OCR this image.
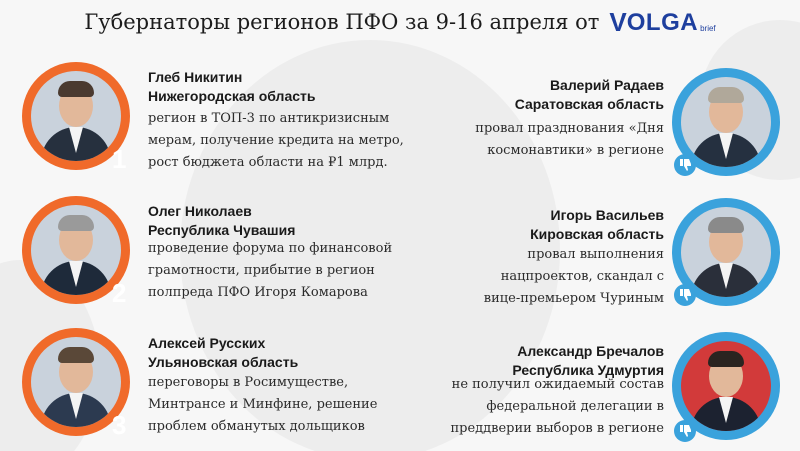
Губернаторы регионов ПФО за 9-16 апреля от V OLGA brief
1
Глеб Никитин
Нижегородская область
регион в ТОП-3 по антикризисным
мерам, получение кредита на метро,
рост бюджета области на ₽1 млрд.
2
Олег Николаев
Республика Чувашия
проведение форума по финансовой
грамотности, прибытие в регион
полпреда ПФО Игоря Комарова
3
Алексей Русских
Ульяновская область
переговоры в Росимуществе,
Минтрансе и Минфине, решение
проблем обманутых дольщиков
Валерий Радаев
Саратовская область
провал празднования «Дня
космонавтики» в регионе
Игорь Васильев
Кировская область
провал выполнения
нацпроектов, скандал с
вице-премьером Чуриным
Александр Бречалов
Республика Удмуртия
не получил ожидаемый состав
федеральной делегации в
преддверии выборов в регионе
